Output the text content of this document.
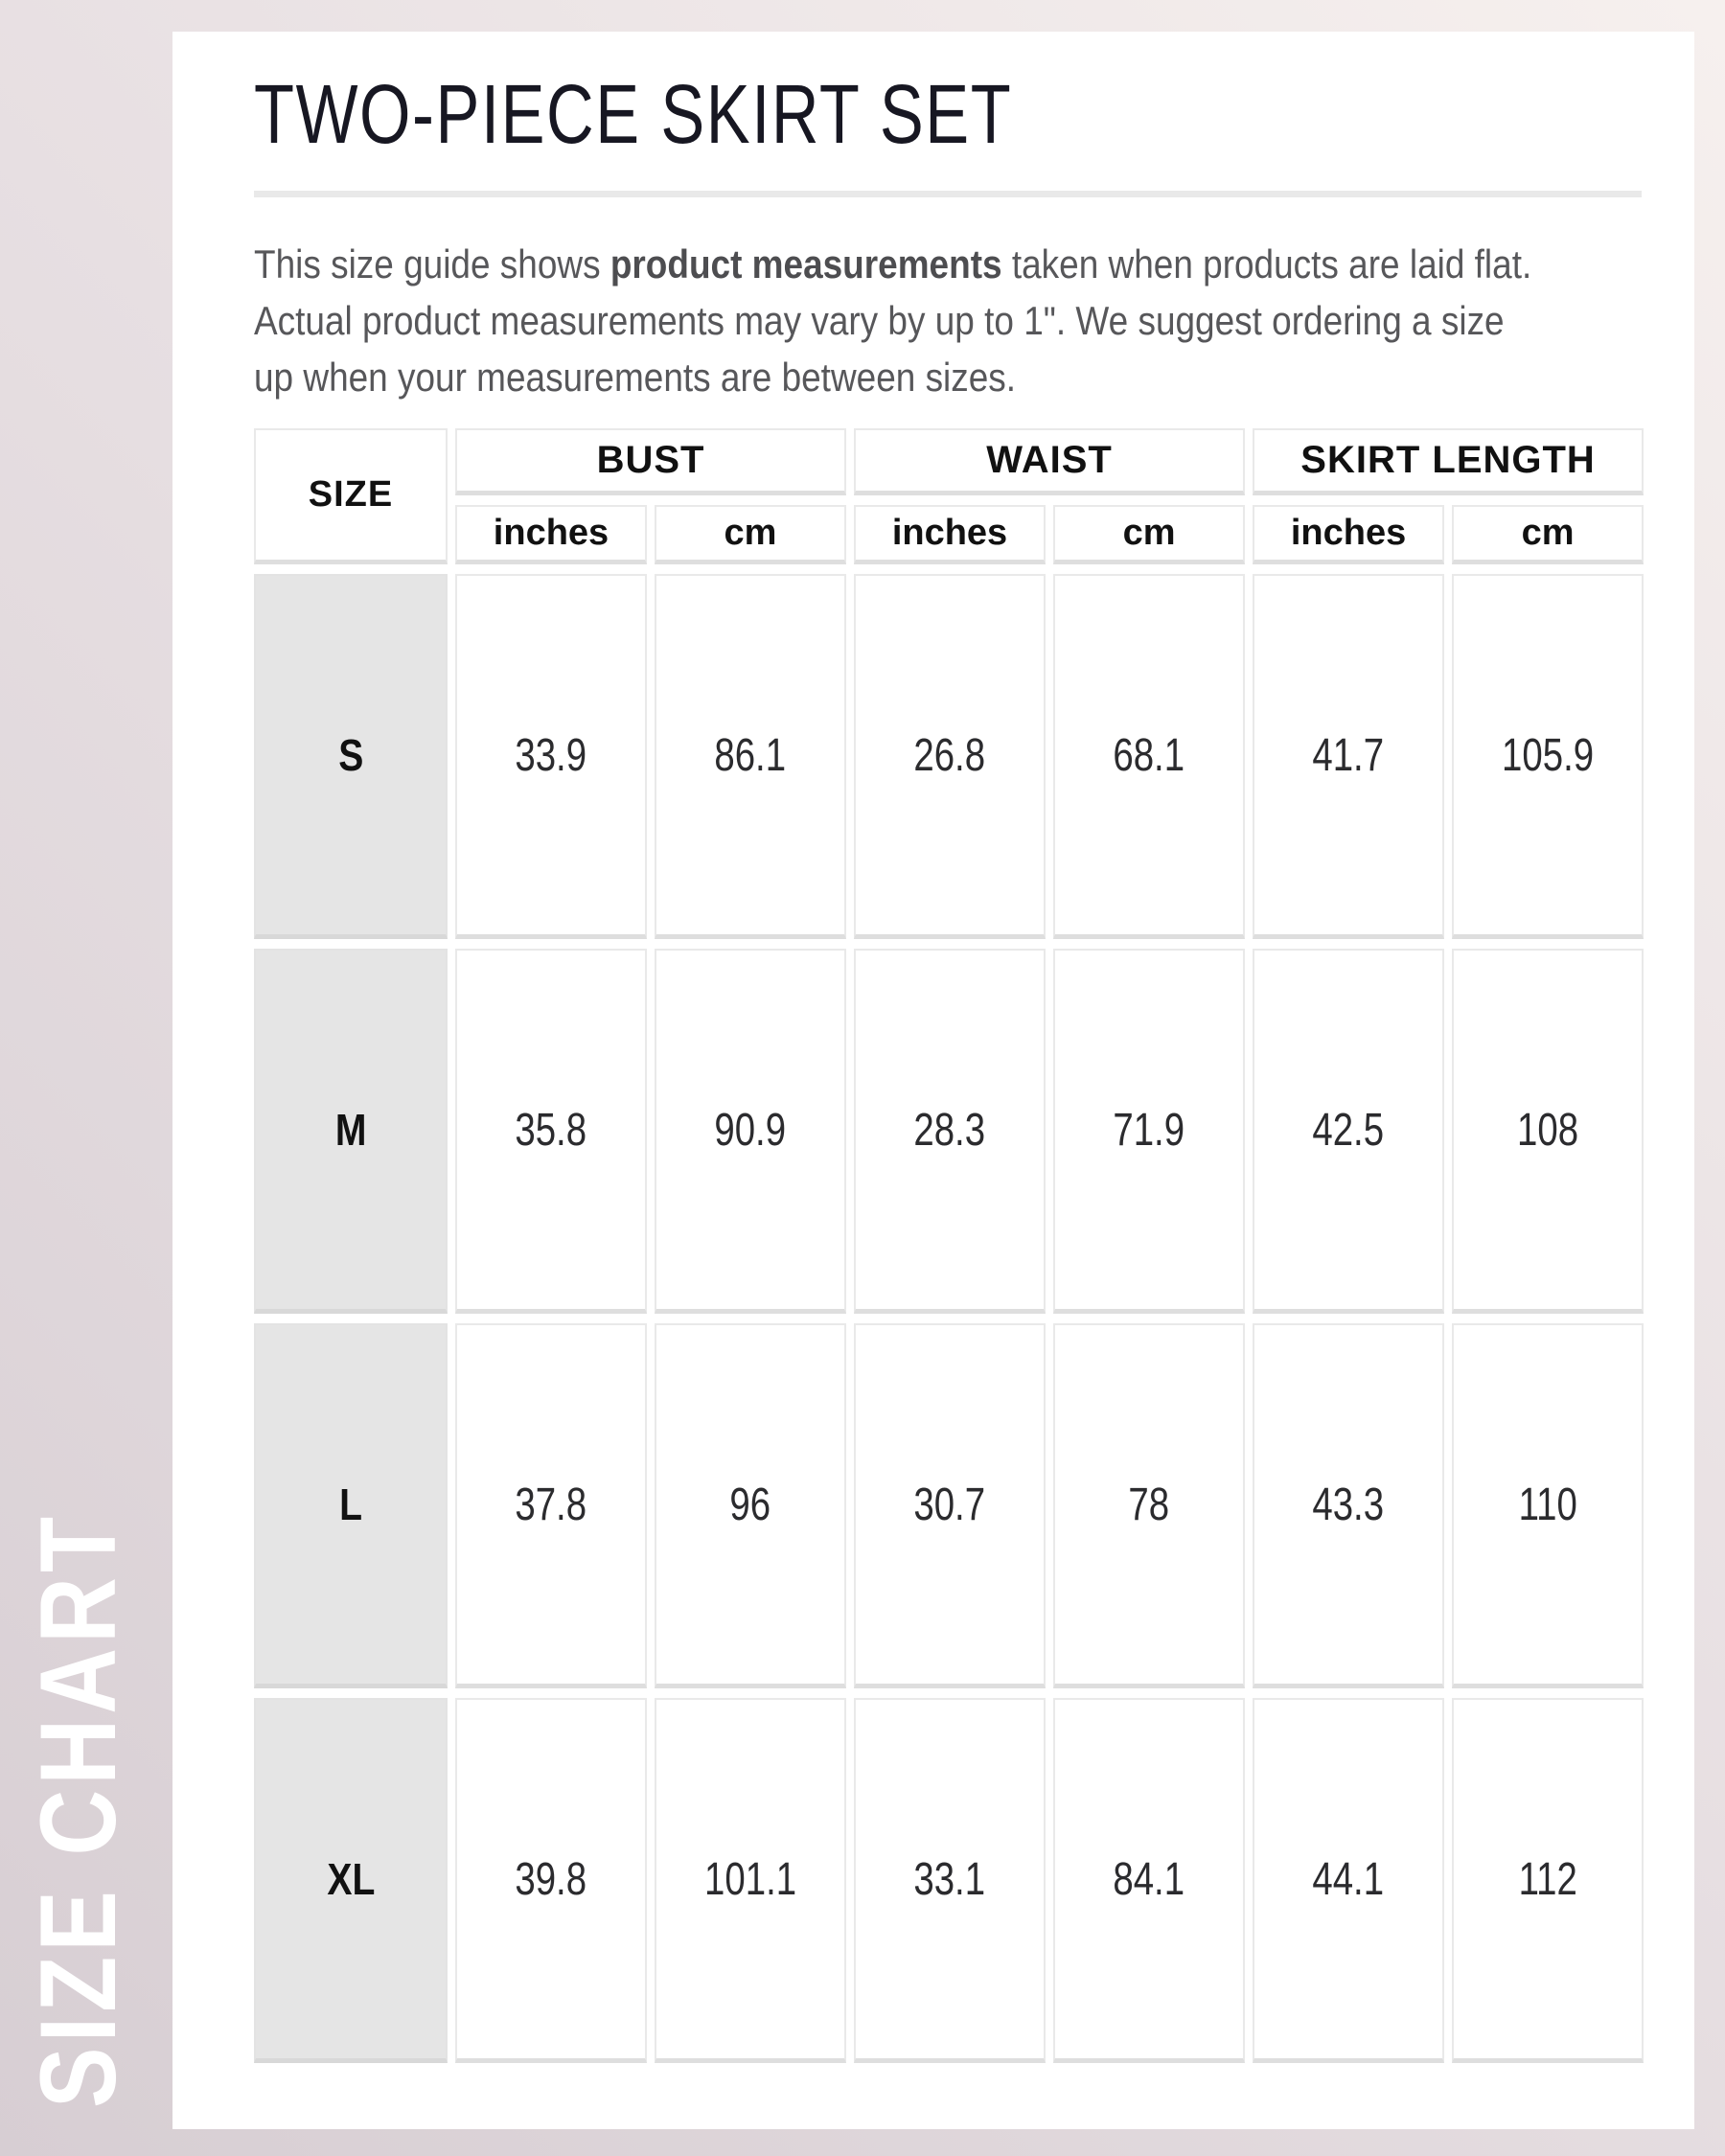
SIZE CHART
TWO-PIECE SKIRT SET
This size guide shows product measurements taken when products are laid flat.
Actual product measurements may vary by up to 1". We suggest ordering a size
up when your measurements are between sizes.
SIZE	BUST		WAIST		SKIRT LENGTH	
	inches	cm	inches	cm	inches	cm
S	33.9	86.1	26.8	68.1	41.7	105.9
M	35.8	90.9	28.3	71.9	42.5	108
L	37.8	96	30.7	78	43.3	110
XL	39.8	101.1	33.1	84.1	44.1	112
